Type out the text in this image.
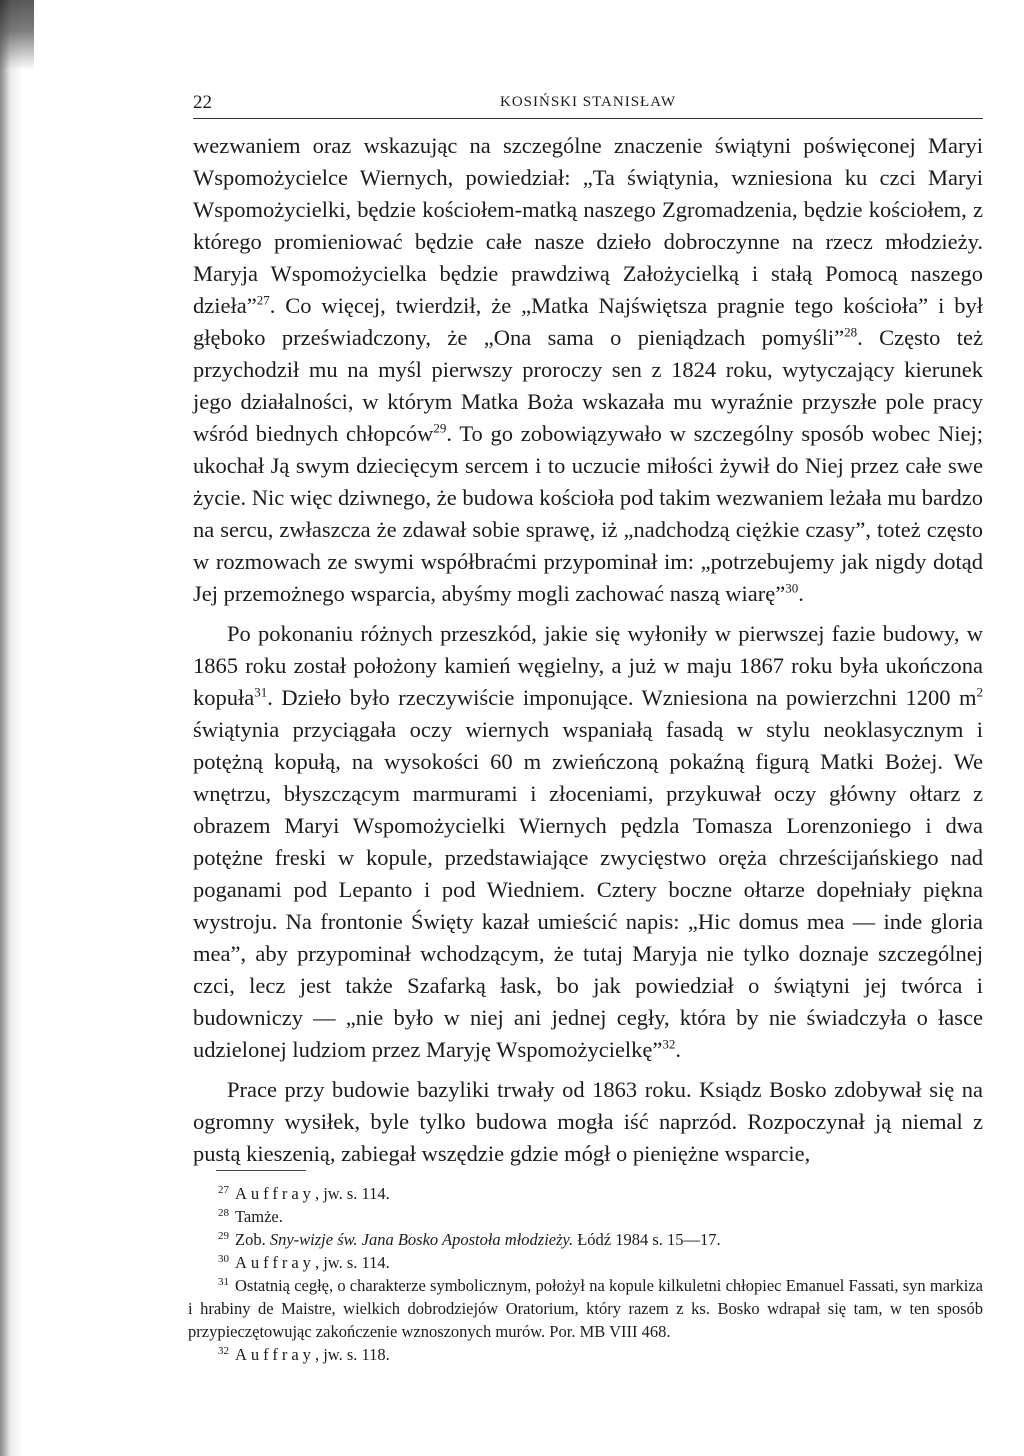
22	KOSIŃSKI STANISŁAW

wezwaniem oraz wskazując na szczególne znaczenie świątyni poświęconej Maryi Wspomożycielce Wiernych, powiedział: „Ta świątynia, wzniesiona ku czci Maryi Wspomożycielki, będzie kościołem-matką naszego Zgromadzenia, będzie kościołem, z którego promieniować będzie całe nasze dzieło dobroczynne na rzecz młodzieży. Maryja Wspomożycielka będzie prawdziwą Założycielką i stałą Pomocą naszego dzieła”$^{27}$. Co więcej, twierdził, że „Matka Najświętsza pragnie tego kościoła” i był głęboko przeświadczony, że „Ona sama o pieniądzach pomyśli”$^{28}$. Często też przychodził mu na myśl pierwszy proroczy sen z 1824 roku, wytyczający kierunek jego działalności, w którym Matka Boża wskazała mu wyraźnie przyszłe pole pracy wśród biednych chłopców$^{29}$. To go zobowiązywało w szczególny sposób wobec Niej; ukochał Ją swym dziecięcym sercem i to uczucie miłości żywił do Niej przez całe swe życie. Nic więc dziwnego, że budowa kościoła pod takim wezwaniem leżała mu bardzo na sercu, zwłaszcza że zdawał sobie sprawę, iż „nadchodzą ciężkie czasy”, toteż często w rozmowach ze swymi współbraćmi przypominał im: „potrzebujemy jak nigdy dotąd Jej przemożnego wsparcia, abyśmy mogli zachować naszą wiarę”$^{30}$.

Po pokonaniu różnych przeszkód, jakie się wyłoniły w pierwszej fazie budowy, w 1865 roku został położony kamień węgielny, a już w maju 1867 roku była ukończona kopuła$^{31}$. Dzieło było rzeczywiście imponujące. Wzniesiona na powierzchni 1200 $m^2$ świątynia przyciągała oczy wiernych wspaniałą fasadą w stylu neoklasycznym i potężną kopułą, na wysokości 60 m zwieńczoną pokaźną figurą Matki Bożej. We wnętrzu, błyszczącym marmurami i złoceniami, przykuwał oczy główny ołtarz z obrazem Maryi Wspomożycielki Wiernych pędzla Tomasza Lorenzoniego i dwa potężne freski w kopule, przedstawiające zwycięstwo oręża chrześcijańskiego nad poganami pod Lepanto i pod Wiedniem. Cztery boczne ołtarze dopełniały piękna wystroju. Na frontonie Święty kazał umieścić napis: „Hic domus mea — inde gloria mea”, aby przypominał wchodzącym, że tutaj Maryja nie tylko doznaje szczególnej czci, lecz jest także Szafarką łask, bo jak powiedział o świątyni jej twórca i budowniczy — „nie było w niej ani jednej cegły, która by nie świadczyła o łasce udzielonej ludziom przez Maryję Wspomożycielkę”$^{32}$.

Prace przy budowie bazyliki trwały od 1863 roku. Ksiądz Bosko zdobywał się na ogromny wysiłek, byle tylko budowa mogła iść naprzód. Rozpoczynał ją niemal z pustą kieszenią, zabiegał wszędzie gdzie mógł o pieniężne wsparcie,

$^{27}$ Auffray, jw. s. 114.

$^{28}$ Tamże.

$^{29}$ Zob. Sny-wizje św. Jana Bosko Apostoła młodzieży. Łódź 1984 s. 15—17.

$^{30}$ Auffray, jw. s. 114.

$^{31}$ Ostatnią cegłę, o charakterze symbolicznym, położył na kopule kilkuletni chłopiec Emanuel Fassati, syn markiza i hrabiny de Maistre, wielkich dobrodziejów Oratorium, który razem z ks. Bosko wdrapał się tam, w ten sposób przypieczętowując zakończenie wznoszonych murów. Por. MB VIII 468.

$^{32}$ Auffray, jw. s. 118.
